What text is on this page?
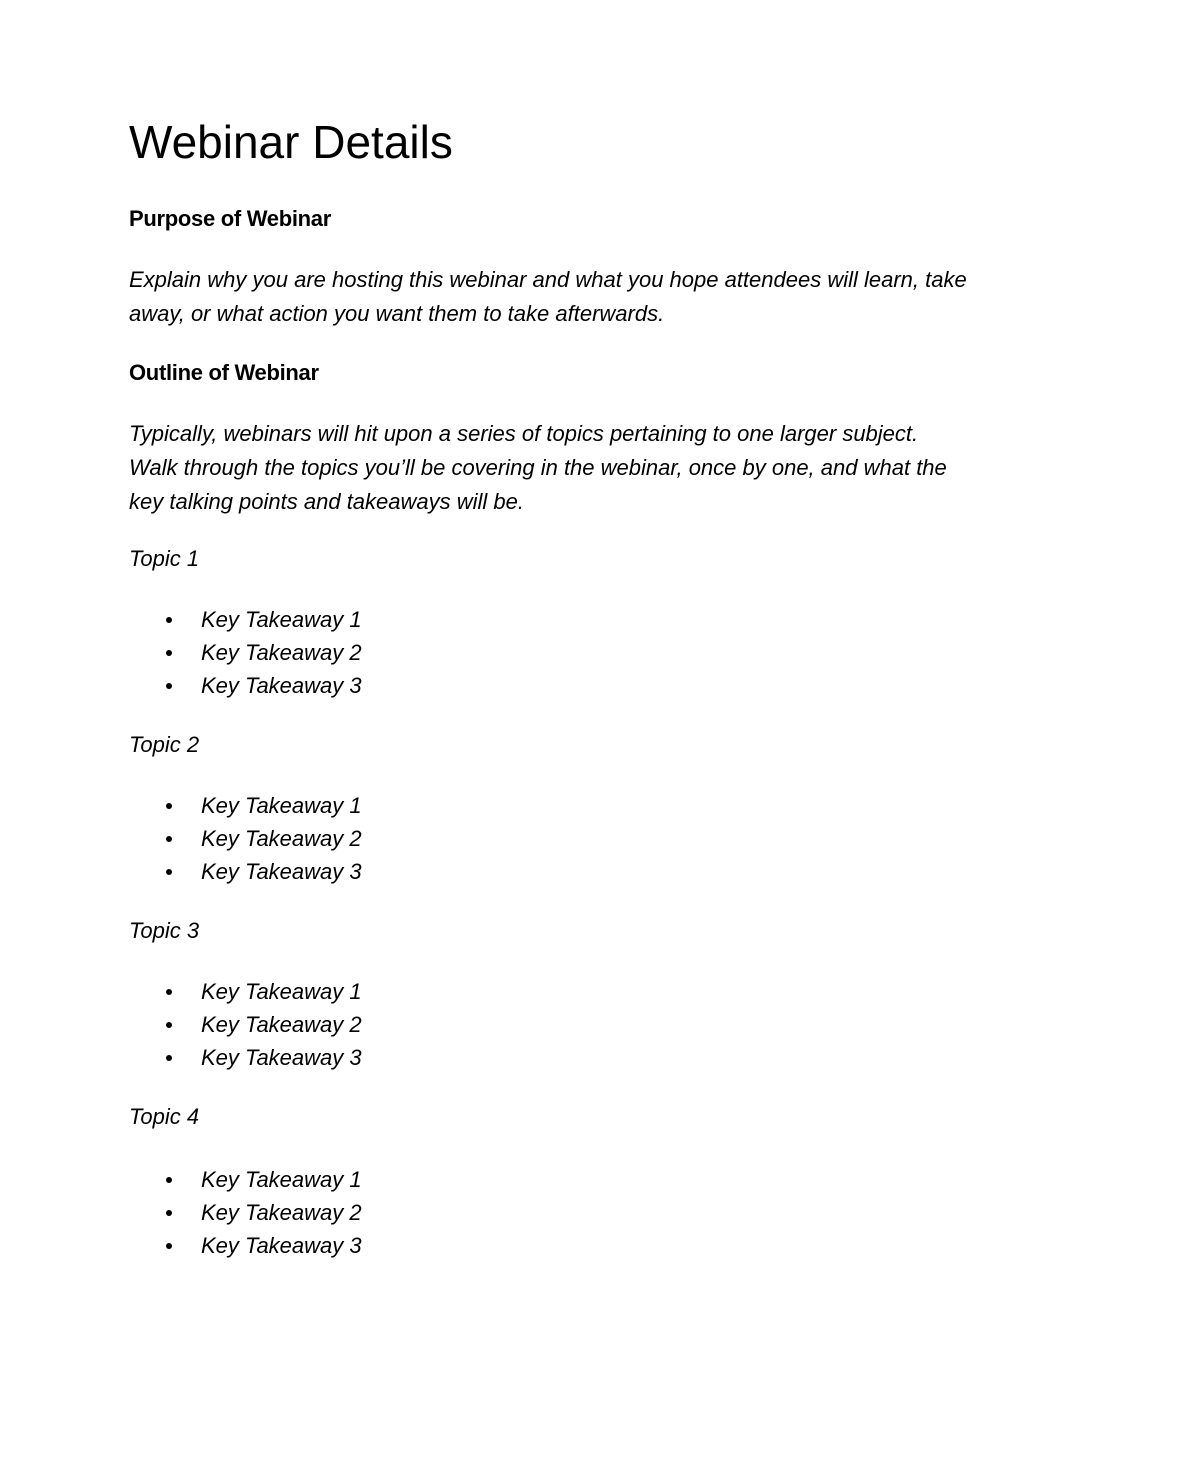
Webinar Details
Purpose of Webinar

Explain why you are hosting this webinar and what you hope attendees will learn, take
away, or what action you want them to take afterwards.

Outline of Webinar

Typically, webinars will hit upon a series of topics pertaining to one larger subject.
Walk through the topics you’ll be covering in the webinar, once by one, and what the
key talking points and takeaways will be.

Topic 1
Key Takeaway 1
Key Takeaway 2
Key Takeaway 3
Topic 2
Key Takeaway 1
Key Takeaway 2
Key Takeaway 3
Topic 3
Key Takeaway 1
Key Takeaway 2
Key Takeaway 3
Topic 4
Key Takeaway 1
Key Takeaway 2
Key Takeaway 3
